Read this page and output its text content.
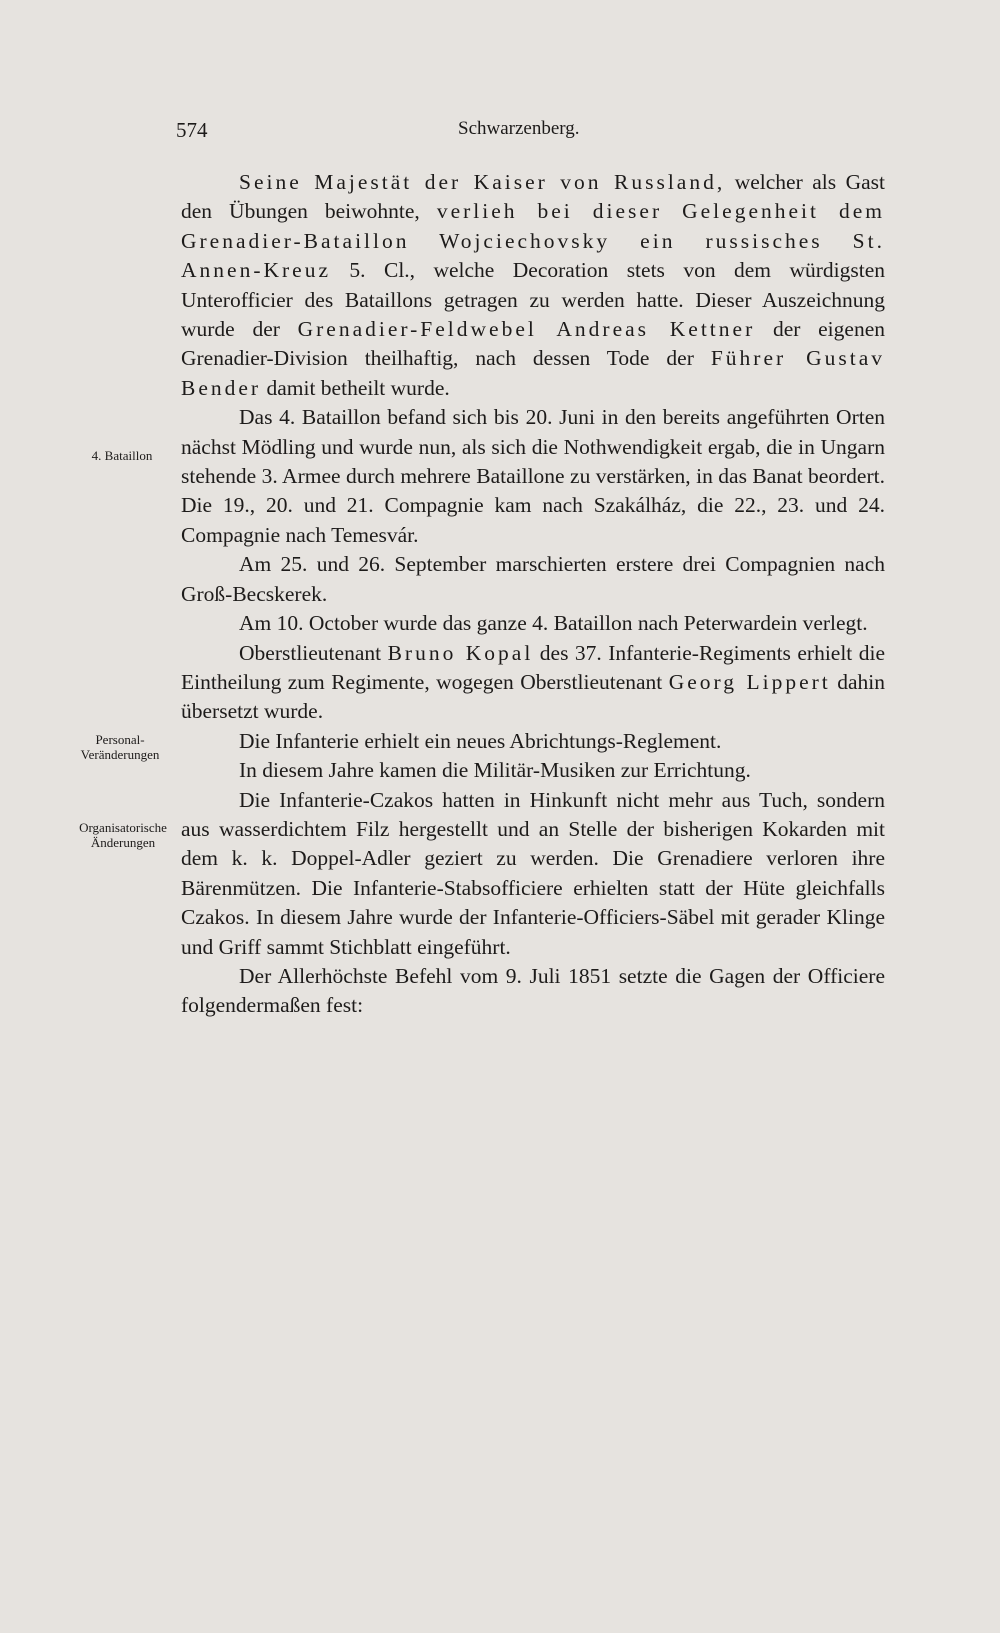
574	Schwarzenberg.
4. Bataillon
Personal-Veränderungen
Organisatorische Änderungen

Seine Majestät der Kaiser von Russland, welcher als Gast den Übungen beiwohnte, verlieh bei dieser Gelegenheit dem Grenadier-Bataillon Wojciechovsky ein russisches St. Annen-Kreuz 5. Cl., welche Decoration stets von dem würdigsten Unterofficier des Bataillons getragen zu werden hatte. Dieser Auszeichnung wurde der Grenadier-Feldwebel Andreas Kettner der eigenen Grenadier-Division theilhaftig, nach dessen Tode der Führer Gustav Bender damit betheilt wurde.

Das 4. Bataillon befand sich bis 20. Juni in den bereits angeführten Orten nächst Mödling und wurde nun, als sich die Nothwendigkeit ergab, die in Ungarn stehende 3. Armee durch mehrere Bataillone zu verstärken, in das Banat beordert. Die 19., 20. und 21. Compagnie kam nach Szakálház, die 22., 23. und 24. Compagnie nach Temesvár.

Am 25. und 26. September marschierten erstere drei Compagnien nach Groß-Becskerek.

Am 10. October wurde das ganze 4. Bataillon nach Peterwardein verlegt.

Oberstlieutenant Bruno Kopal des 37. Infanterie-Regiments erhielt die Eintheilung zum Regimente, wogegen Oberstlieutenant Georg Lippert dahin übersetzt wurde.

Die Infanterie erhielt ein neues Abrichtungs-Reglement.

In diesem Jahre kamen die Militär-Musiken zur Errichtung.

Die Infanterie-Czakos hatten in Hinkunft nicht mehr aus Tuch, sondern aus wasserdichtem Filz hergestellt und an Stelle der bisherigen Kokarden mit dem k. k. Doppel-Adler geziert zu werden. Die Grenadiere verloren ihre Bärenmützen. Die Infanterie-Stabsofficiere erhielten statt der Hüte gleichfalls Czakos. In diesem Jahre wurde der Infanterie-Officiers-Säbel mit gerader Klinge und Griff sammt Stichblatt eingeführt.

Der Allerhöchste Befehl vom 9. Juli 1851 setzte die Gagen der Officiere folgendermaßen fest:
